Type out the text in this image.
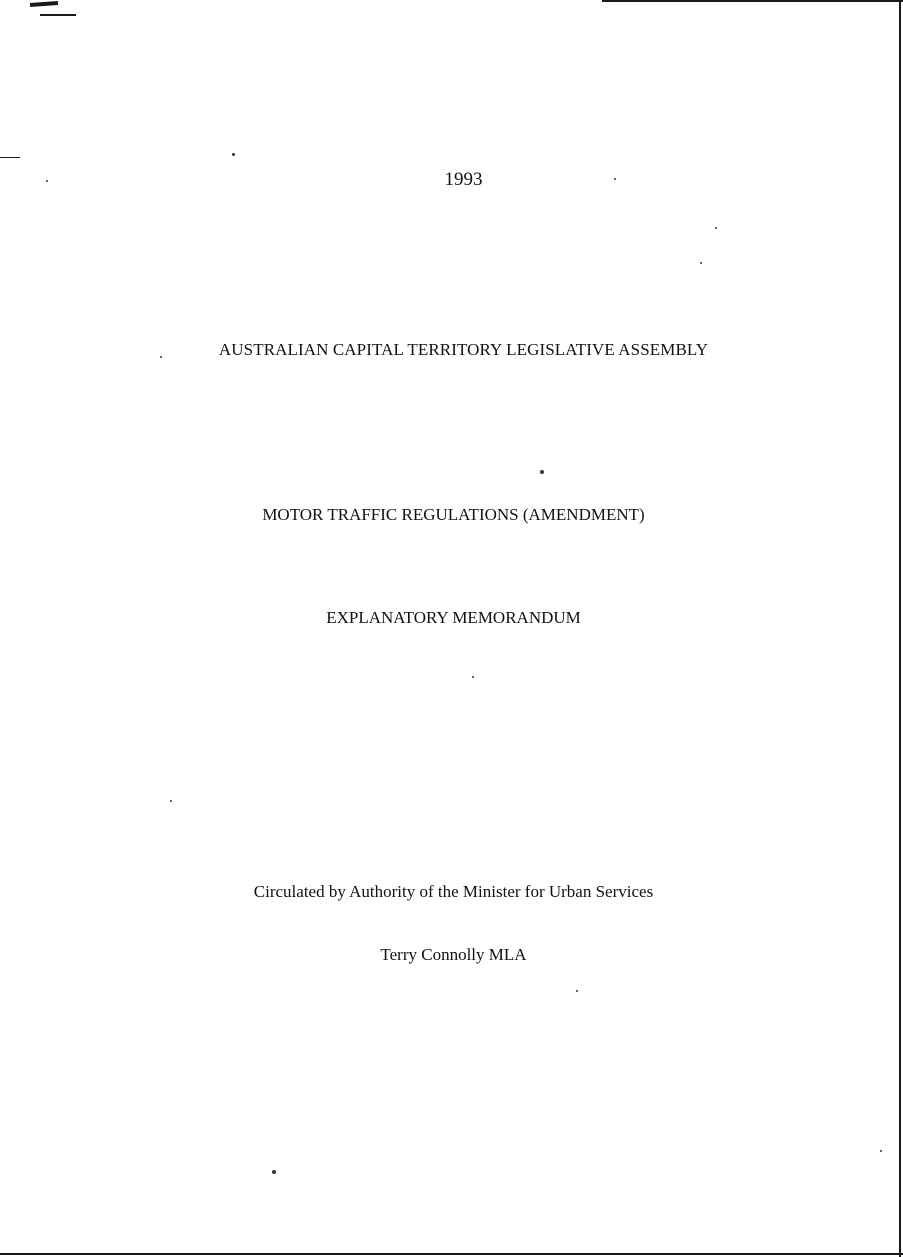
1993
AUSTRALIAN CAPITAL TERRITORY LEGISLATIVE ASSEMBLY
MOTOR TRAFFIC REGULATIONS (AMENDMENT)
EXPLANATORY MEMORANDUM
Circulated by Authority of the Minister for Urban Services
Terry Connolly MLA
